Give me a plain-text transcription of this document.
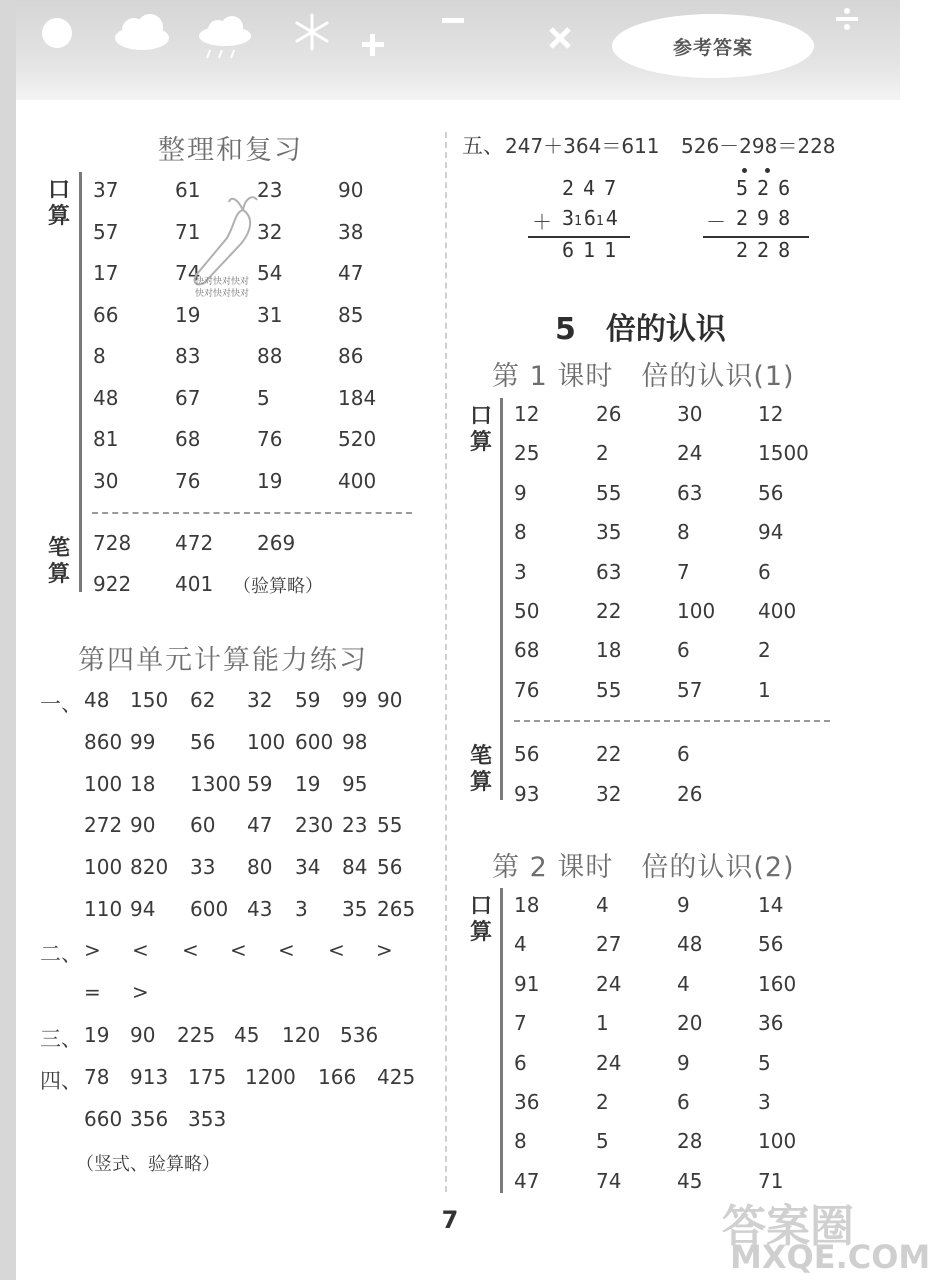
参考答案
整理和复习
口算
37	61	23	90
57	71	32	38
17	74	54	47
66	19	31	85
8	83	88	86
48	67	5	184
81	68	76	520
30	76	19	400
笔算
728 472 269
922 401 （验算略）
快对快对快对
快对快对快对
第四单元计算能力练习
一、 48 150 62 32 59 99 90
860 99 56 100 600 98
100 18 1300 59 19 95
272 90 60 47 230 23 55
100 820 33 80 34 84 56
110 94 600 43 3 35 265
二、 > < < < < < >
= >
三、 19 90 225 45 120 536
四、 78 913 175 1200 166 425
660 356 353
（竖式、验算略）
五、 247＋364＝611 526－298＝228
247
＋ 31614
611
526
－ 298
228
5　倍的认识
第 1 课时　倍的认识(1)
口算
12	26	30	12
25	2	24	1500
9	55	63	56
8	35	8	94
3	63	7	6
50	22	100 400
68	18	6	2
76	55	57	1
笔算
56	22	6
93	32	26
第 2 课时　倍的认识(2)
口算
18	4	9	14
4	27	48	56
91	24	4	160
7	1	20	36
6	24	9	5
36	2	6	3
8	5	28	100
47	74	45	71
7	答案圈
MXQE.COM
